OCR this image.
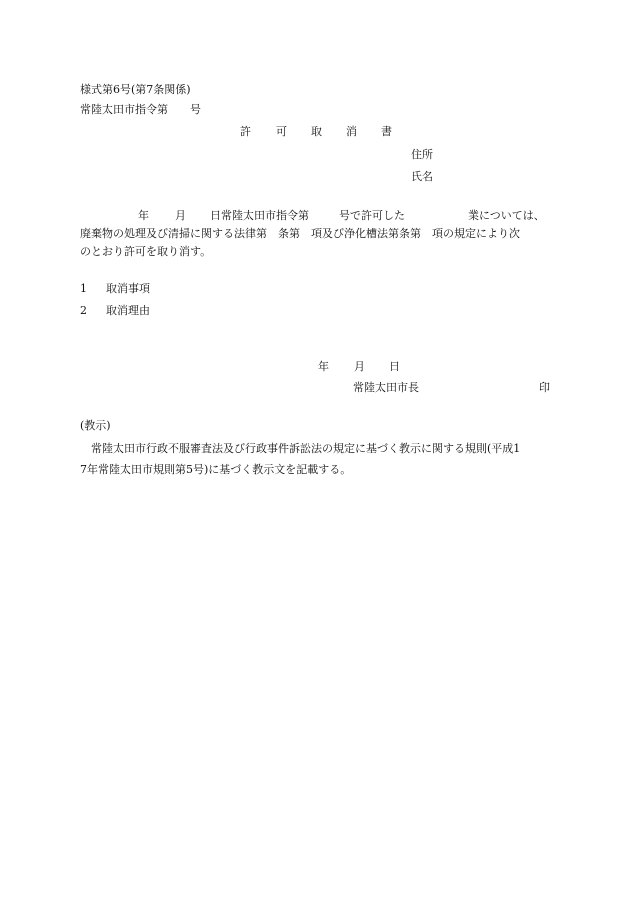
様式第6号(第7条関係)
常陸太田市指令第　　号
許 可 取 消 書
住所
氏名
年 月 日常陸太田市指令第	号で許可した	業については、
廃棄物の処理及び清掃に関する法律第　条第　項及び浄化槽法第条第　項の規定により次
のとおり許可を取り消す。
1 取消事項
2 取消理由
年 月 日
常陸太田市長	印
(教示)
常陸太田市行政不服審査法及び行政事件訴訟法の規定に基づく教示に関する規則(平成1
7年常陸太田市規則第5号)に基づく教示文を記載する。
